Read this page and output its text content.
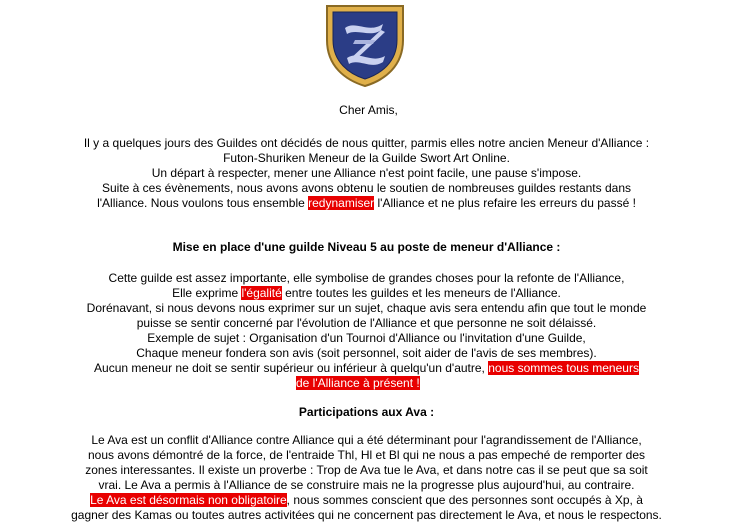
Cher Amis,
Il y a quelques jours des Guildes ont décidés de nous quitter, parmis elles notre ancien Meneur d'Alliance :
Futon-Shuriken Meneur de la Guilde Swort Art Online.
Un départ à respecter, mener une Alliance n'est point facile, une pause s'impose.
Suite à ces évènements, nous avons avons obtenu le soutien de nombreuses guildes restants dans
l'Alliance. Nous voulons tous ensemble redynamiser l'Alliance et ne plus refaire les erreurs du passé !
Mise en place d'une guilde Niveau 5 au poste de meneur d'Alliance :
Cette guilde est assez importante, elle symbolise de grandes choses pour la refonte de l'Alliance,
Elle exprime l'égalité entre toutes les guildes et les meneurs de l'Alliance.
Dorénavant, si nous devons nous exprimer sur un sujet, chaque avis sera entendu afin que tout le monde
puisse se sentir concerné par l'évolution de l'Alliance et que personne ne soit délaissé.
Exemple de sujet : Organisation d'un Tournoi d'Alliance ou l'invitation d'une Guilde,
Chaque meneur fondera son avis (soit personnel, soit aider de l'avis de ses membres).
Aucun meneur ne doit se sentir supérieur ou inférieur à quelqu'un d'autre, nous sommes tous meneurs
de l'Alliance à présent !
Participations aux Ava :
Le Ava est un conflit d'Alliance contre Alliance qui a été déterminant pour l'agrandissement de l'Alliance,
nous avons démontré de la force, de l'entraide Thl, Hl et Bl qui ne nous a pas empeché de remporter des
zones interessantes. Il existe un proverbe : Trop de Ava tue le Ava, et dans notre cas il se peut que sa soit
vrai. Le Ava a permis à l'Alliance de se construire mais ne la progresse plus aujourd'hui, au contraire.
Le Ava est désormais non obligatoire, nous sommes conscient que des personnes sont occupés à Xp, à
gagner des Kamas ou toutes autres activitées qui ne concernent pas directement le Ava, et nous le respectons.
